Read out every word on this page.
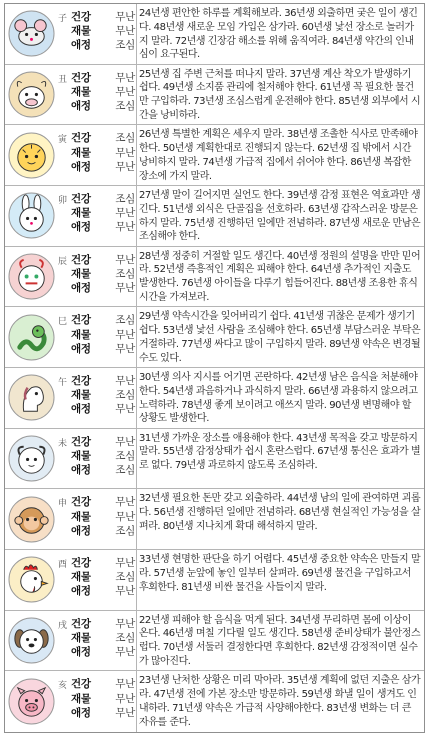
子 건강 무난
재물 무난
애정 조심
24년생 편안한 하루를 계획해보라. 36년생 외출하면 궂은 일이 생긴다. 48년생 새로운 모임 가입은 삼가라. 60년생 낯선 장소로 놀러가지 말라. 72년생 긴장감 해소를 위해 움직여라. 84년생 약간의 인내심이 요구된다.
丑 건강 무난
재물 무난
애정 조심
25년생 집 주변 근처를 떠나지 말라. 37년생 계산 착오가 발생하기 쉽다. 49년생 소지품 관리에 철저해야 한다. 61년생 꼭 필요한 물건만 구입하라. 73년생 조심스럽게 운전해야 한다. 85년생 외부에서 시간을 낭비하라.
寅 건강 조심
재물 무난
애정 무난
26년생 특별한 계획은 세우지 말라. 38년생 조촐한 식사로 만족해야 한다. 50년생 계획한대로 진행되지 않는다. 62년생 집 밖에서 시간 낭비하지 말라. 74년생 가급적 집에서 쉬어야 한다. 86년생 복잡한 장소에 가지 말라.
卯 건강 조심
재물 무난
애정 무난
27년생 말이 길어지면 실언도 한다. 39년생 감정 표현은 역효과만 생긴다. 51년생 외식은 단골집을 선호하라. 63년생 갑작스러운 방문은 하지 말라. 75년생 진행하던 일에만 전념하라. 87년생 새로운 만남은 조심해야 한다.
辰 건강 무난
재물 조심
애정 무난
28년생 정중히 거절할 일도 생긴다. 40년생 정원의 설명을 반만 믿어라. 52년생 즉흥적인 계획은 피해야 한다. 64년생 추가적인 지출도 발생한다. 76년생 아이들을 다루기 힘들어진다. 88년생 조용한 휴식시간을 가져보라.
巳 건강 조심
재물 무난
애정 무난
29년생 약속시간을 잊어버리기 쉽다. 41년생 귀찮은 문제가 생기기 쉽다. 53년생 낯선 사람을 조심해야 한다. 65년생 부담스러운 부탁은 거절하라. 77년생 싸다고 많이 구입하지 말라. 89년생 약속은 변경될 수도 있다.
午 건강 무난
재물 조심
애정 무난
30년생 의사 지시를 어기면 곤란하다. 42년생 남은 음식을 처분해야 한다. 54년생 과음하거나 과식하지 말라. 66년생 과용하지 않으려고 노력하라. 78년생 좋게 보이려고 애쓰지 말라. 90년생 변명해야 할 상황도 발생한다.
未 건강 무난
재물 조심
애정 조심
31년생 가까운 장소를 애용해야 한다. 43년생 목적을 갖고 방문하지 말라. 55년생 감정상태가 쉽시 혼란스럽다. 67년생 통신은 효과가 별로 없다. 79년생 과로하지 않도록 조심하라.
申 건강 무난
재물 무난
애정 조심
32년생 필요한 돈만 갖고 외출하라. 44년생 남의 일에 관여하면 괴롭다. 56년생 진행하던 일에만 전념하라. 68년생 현실적인 가능성을 살펴라. 80년생 지나치게 확대 해석하지 말라.
酉 건강 무난
재물 조심
애정 무난
33년생 현명한 판단을 하기 어렵다. 45년생 중요한 약속은 만들지 말라. 57년생 눈앞에 놓인 일부터 살펴라. 69년생 물건을 구입하고서 후회한다. 81년생 비싼 물건을 사들이지 말라.
戌 건강 무난
재물 조심
애정 무난
22년생 피해야 할 음식을 먹게 된다. 34년생 무리하면 몸에 이상이 온다. 46년생 며칠 기다릴 일도 생긴다. 58년생 준비상태가 불안정스럽다. 70년생 서둘러 결정한다면 후회한다. 82년생 감정적이면 실수가 많아진다.
亥 건강 무난
재물 무난
애정 무난
23년생 난처한 상황은 미리 막아라. 35년생 계획에 없던 지출은 삼가라. 47년생 전에 가본 장소만 방문하라. 59년생 화낼 일이 생겨도 인내하라. 71년생 약속은 가급적 사양해야한다. 83년생 변화는 더 큰 자유를 준다.
